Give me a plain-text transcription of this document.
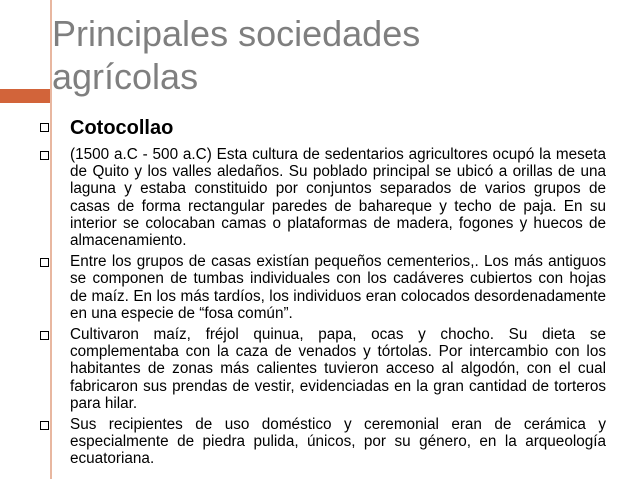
Principales sociedades
agrícolas
Cotocollao
(1500 a.C - 500 a.C) Esta cultura de sedentarios agricultores ocupó la meseta de Quito y los valles aledaños. Su poblado principal se ubicó a orillas de una laguna y estaba constituido por conjuntos separados de varios grupos de casas de forma rectangular paredes de bahareque y techo de paja. En su interior se colocaban camas o plataformas de madera, fogones y huecos de almacenamiento.
Entre los grupos de casas existían pequeños cementerios,. Los más antiguos se componen de tumbas individuales con los cadáveres cubiertos con hojas de maíz. En los más tardíos, los individuos eran colocados desordenadamente en una especie de “fosa común”.
Cultivaron maíz, fréjol quinua, papa, ocas y chocho. Su dieta se complementaba con la caza de venados y tórtolas. Por intercambio con los habitantes de zonas más calientes tuvieron acceso al algodón, con el cual fabricaron sus prendas de vestir, evidenciadas en la gran cantidad de torteros para hilar.
Sus recipientes de uso doméstico y ceremonial eran de cerámica y especialmente de piedra pulida, únicos, por su género, en la arqueología ecuatoriana.
